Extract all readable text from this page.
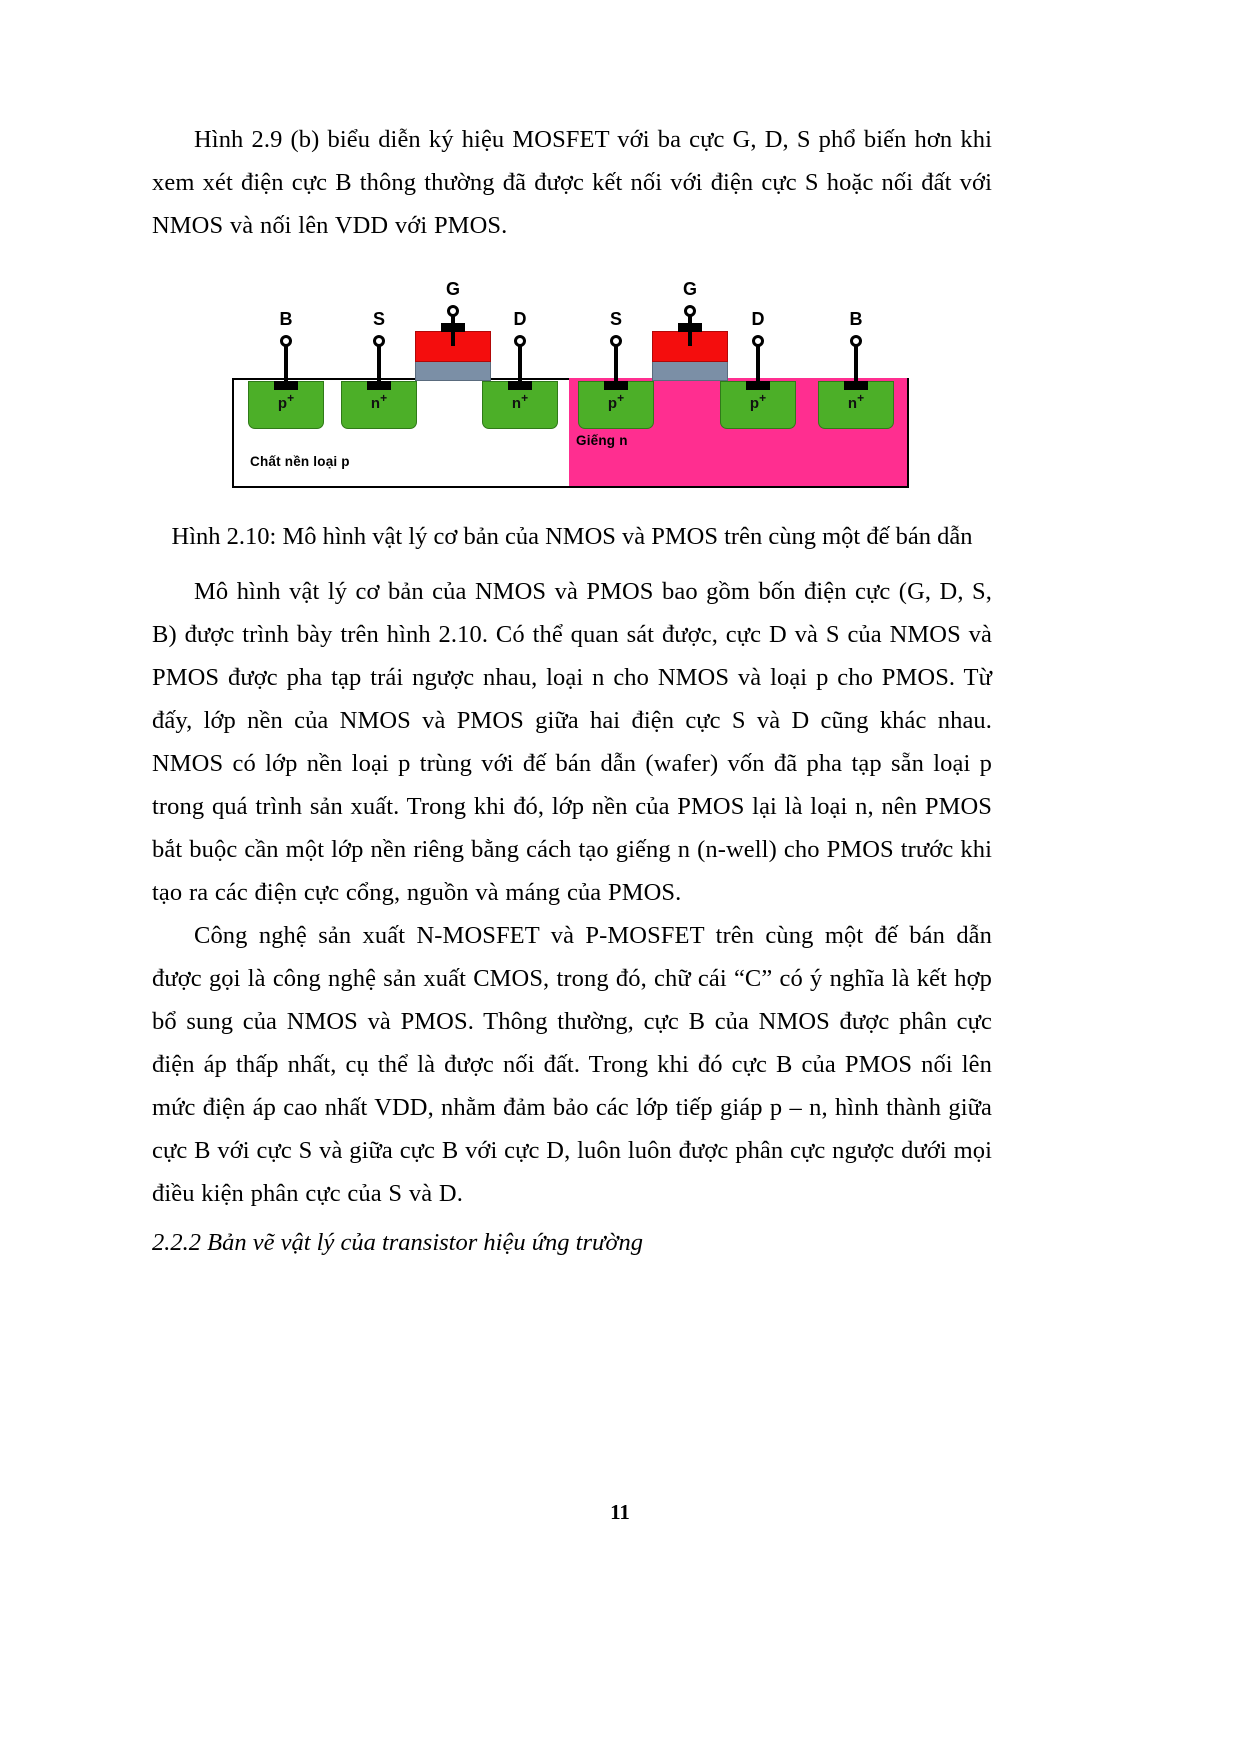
Hình 2.9 (b) biểu diễn ký hiệu MOSFET với ba cực G, D, S phổ biến hơn khi xem xét điện cực B thông thường đã được kết nối với điện cực S hoặc nối đất với NMOS và nối lên VDD với PMOS.

Giếng n
Chất nền loại p
p+	n+	n+	p+	p+	n+
B	S
G
D	S
G
D	B

Hình 2.10: Mô hình vật lý cơ bản của NMOS và PMOS trên cùng một đế bán dẫn

Mô hình vật lý cơ bản của NMOS và PMOS bao gồm bốn điện cực (G, D, S, B) được trình bày trên hình 2.10. Có thể quan sát được, cực D và S của NMOS và PMOS được pha tạp trái ngược nhau, loại n cho NMOS và loại p cho PMOS. Từ đấy, lớp nền của NMOS và PMOS giữa hai điện cực S và D cũng khác nhau. NMOS có lớp nền loại p trùng với đế bán dẫn (wafer) vốn đã pha tạp sẵn loại p trong quá trình sản xuất. Trong khi đó, lớp nền của PMOS lại là loại n, nên PMOS bắt buộc cần một lớp nền riêng bằng cách tạo giếng n (n-well) cho PMOS trước khi tạo ra các điện cực cổng, nguồn và máng của PMOS.

Công nghệ sản xuất N-MOSFET và P-MOSFET trên cùng một đế bán dẫn được gọi là công nghệ sản xuất CMOS, trong đó, chữ cái “C” có ý nghĩa là kết hợp bổ sung của NMOS và PMOS. Thông thường, cực B của NMOS được phân cực điện áp thấp nhất, cụ thể là được nối đất. Trong khi đó cực B của PMOS nối lên mức điện áp cao nhất VDD, nhằm đảm bảo các lớp tiếp giáp p – n, hình thành giữa cực B với cực S và giữa cực B với cực D, luôn luôn được phân cực ngược dưới mọi điều kiện phân cực của S và D.

2.2.2 Bản vẽ vật lý của transistor hiệu ứng trường

11
